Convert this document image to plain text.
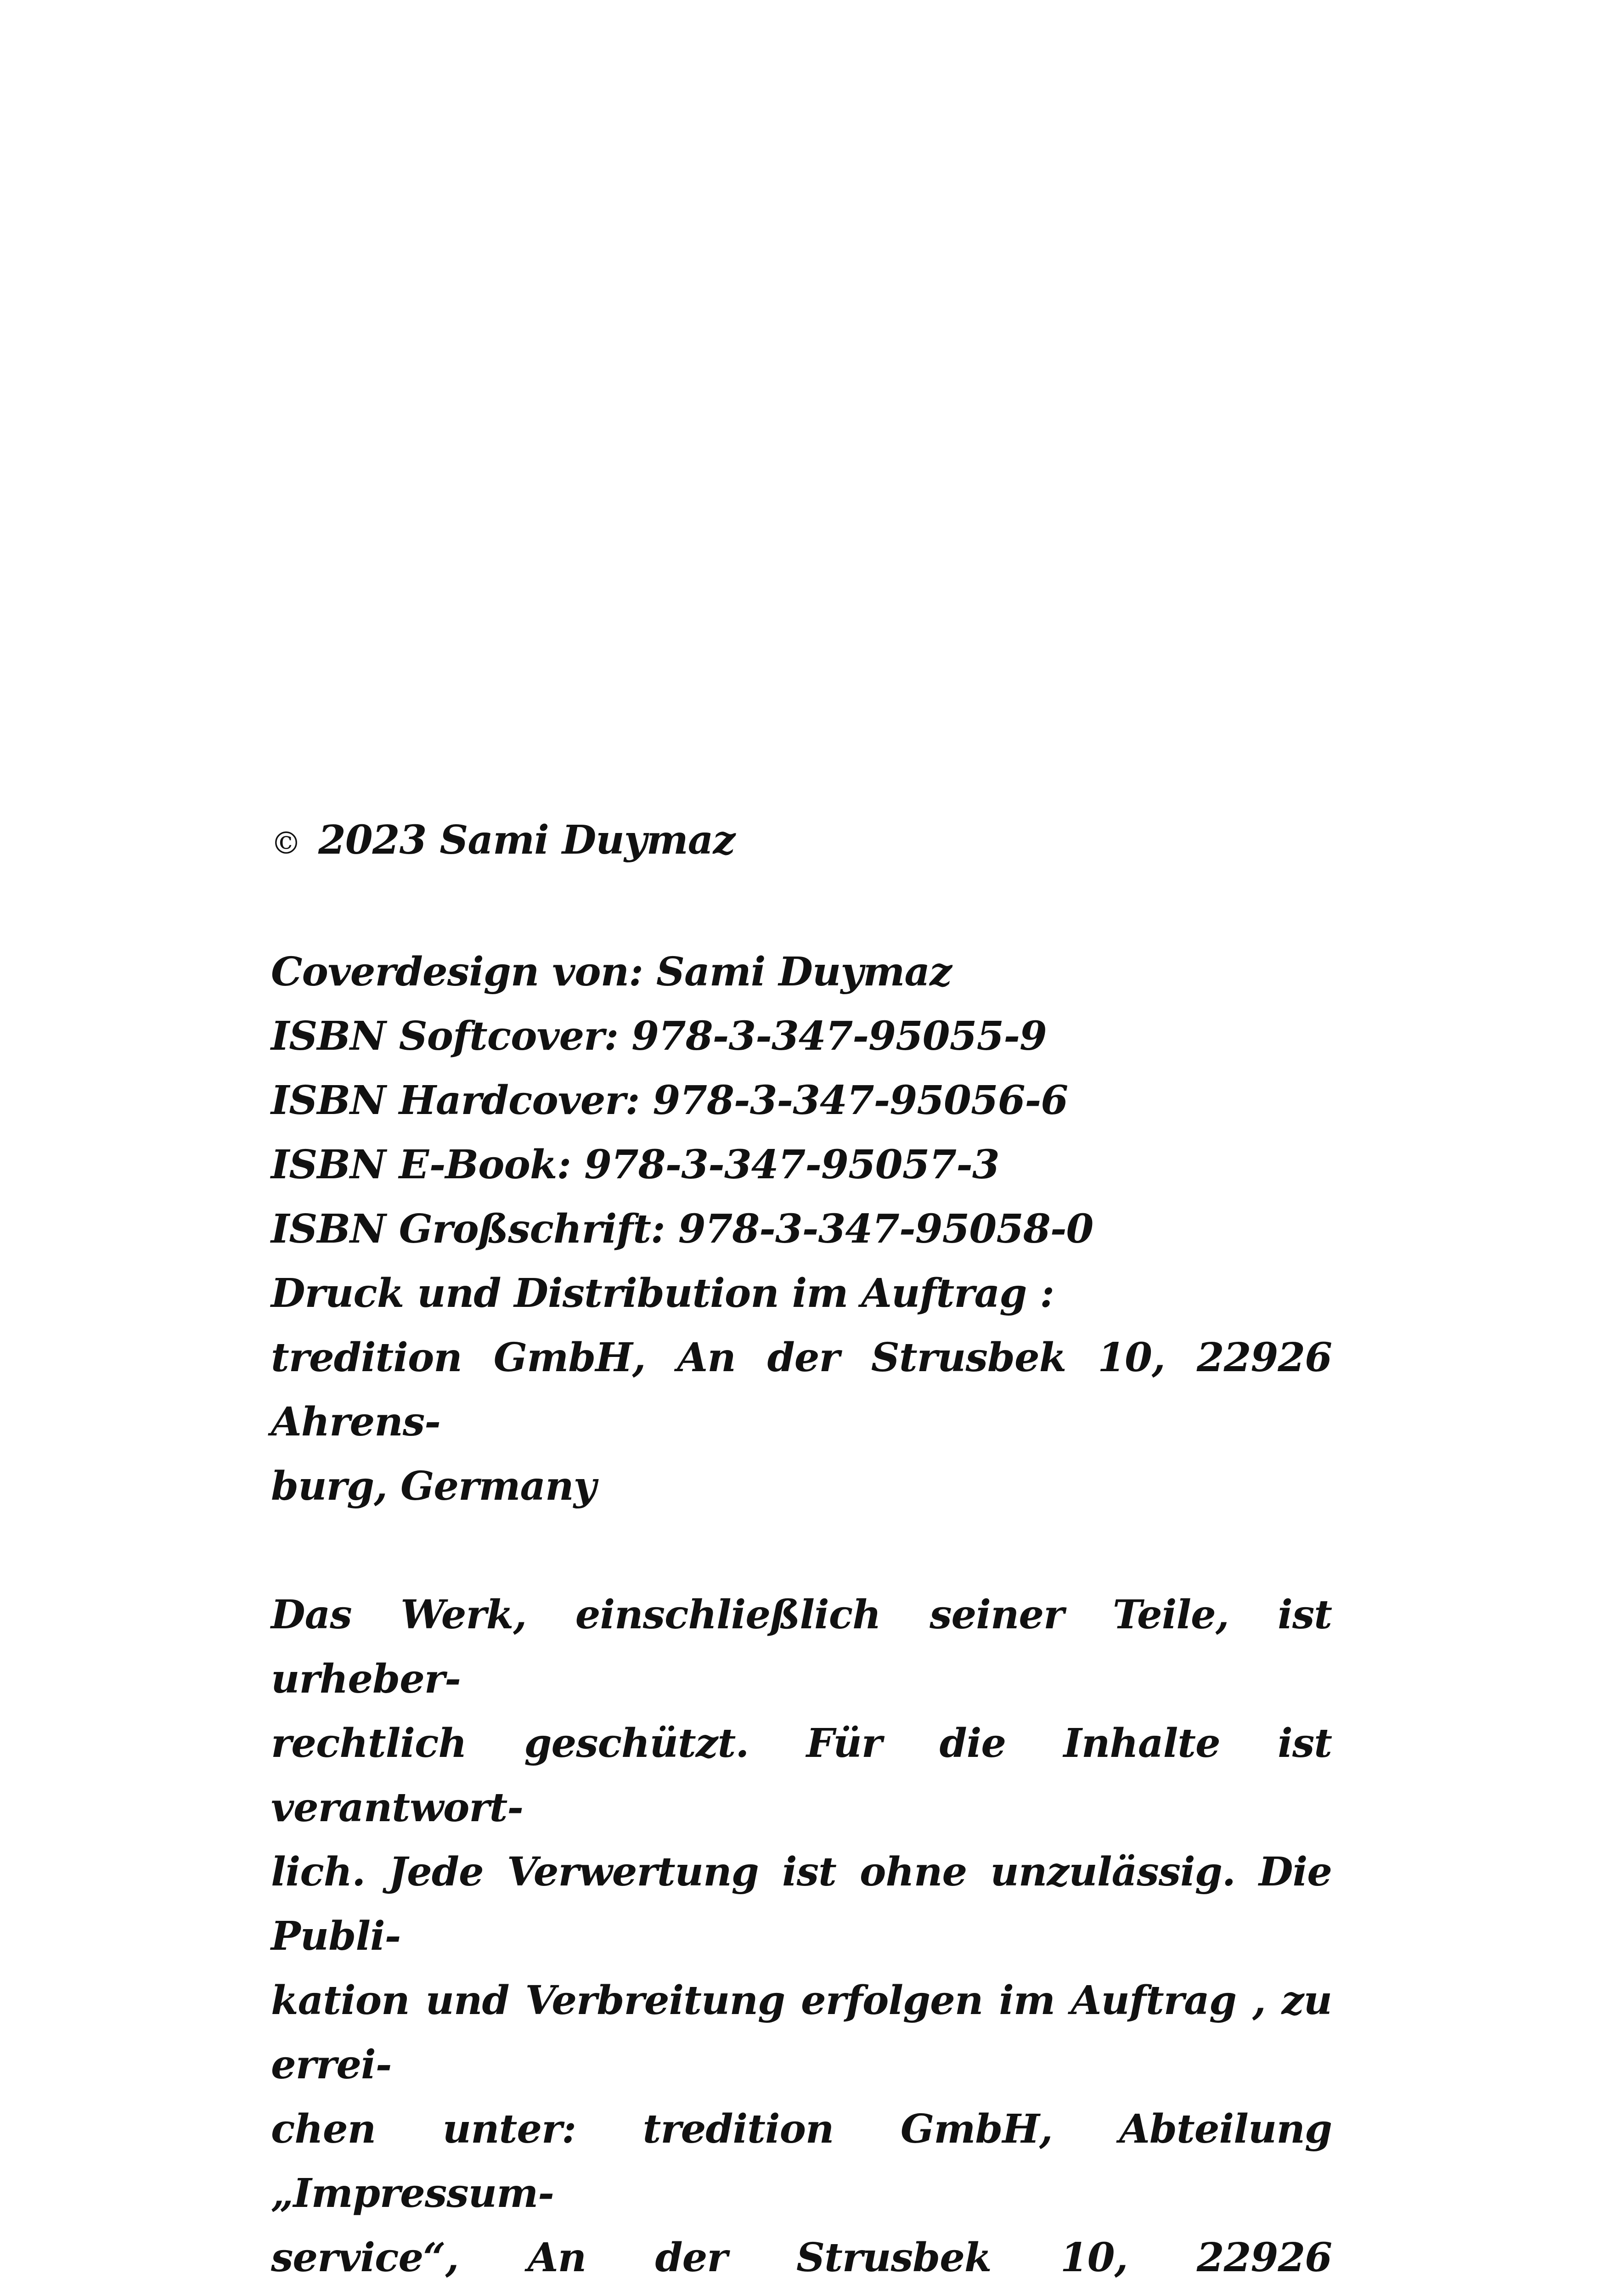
© 2023 Sami Duymaz

Coverdesign von: Sami Duymaz
ISBN Softcover: 978-3-347-95055-9
ISBN Hardcover: 978-3-347-95056-6
ISBN E-Book: 978-3-347-95057-3
ISBN Großschrift: 978-3-347-95058-0
Druck und Distribution im Auftrag :
tredition GmbH, An der Strusbek 10, 22926 Ahrens-
burg, Germany
Das Werk, einschließlich seiner Teile, ist urheber-
rechtlich geschützt. Für die Inhalte ist verantwort-
lich. Jede Verwertung ist ohne unzulässig. Die Publi-
kation und Verbreitung erfolgen im Auftrag , zu errei-
chen unter: tredition GmbH, Abteilung „Impressum-
service“, An der Strusbek 10, 22926
